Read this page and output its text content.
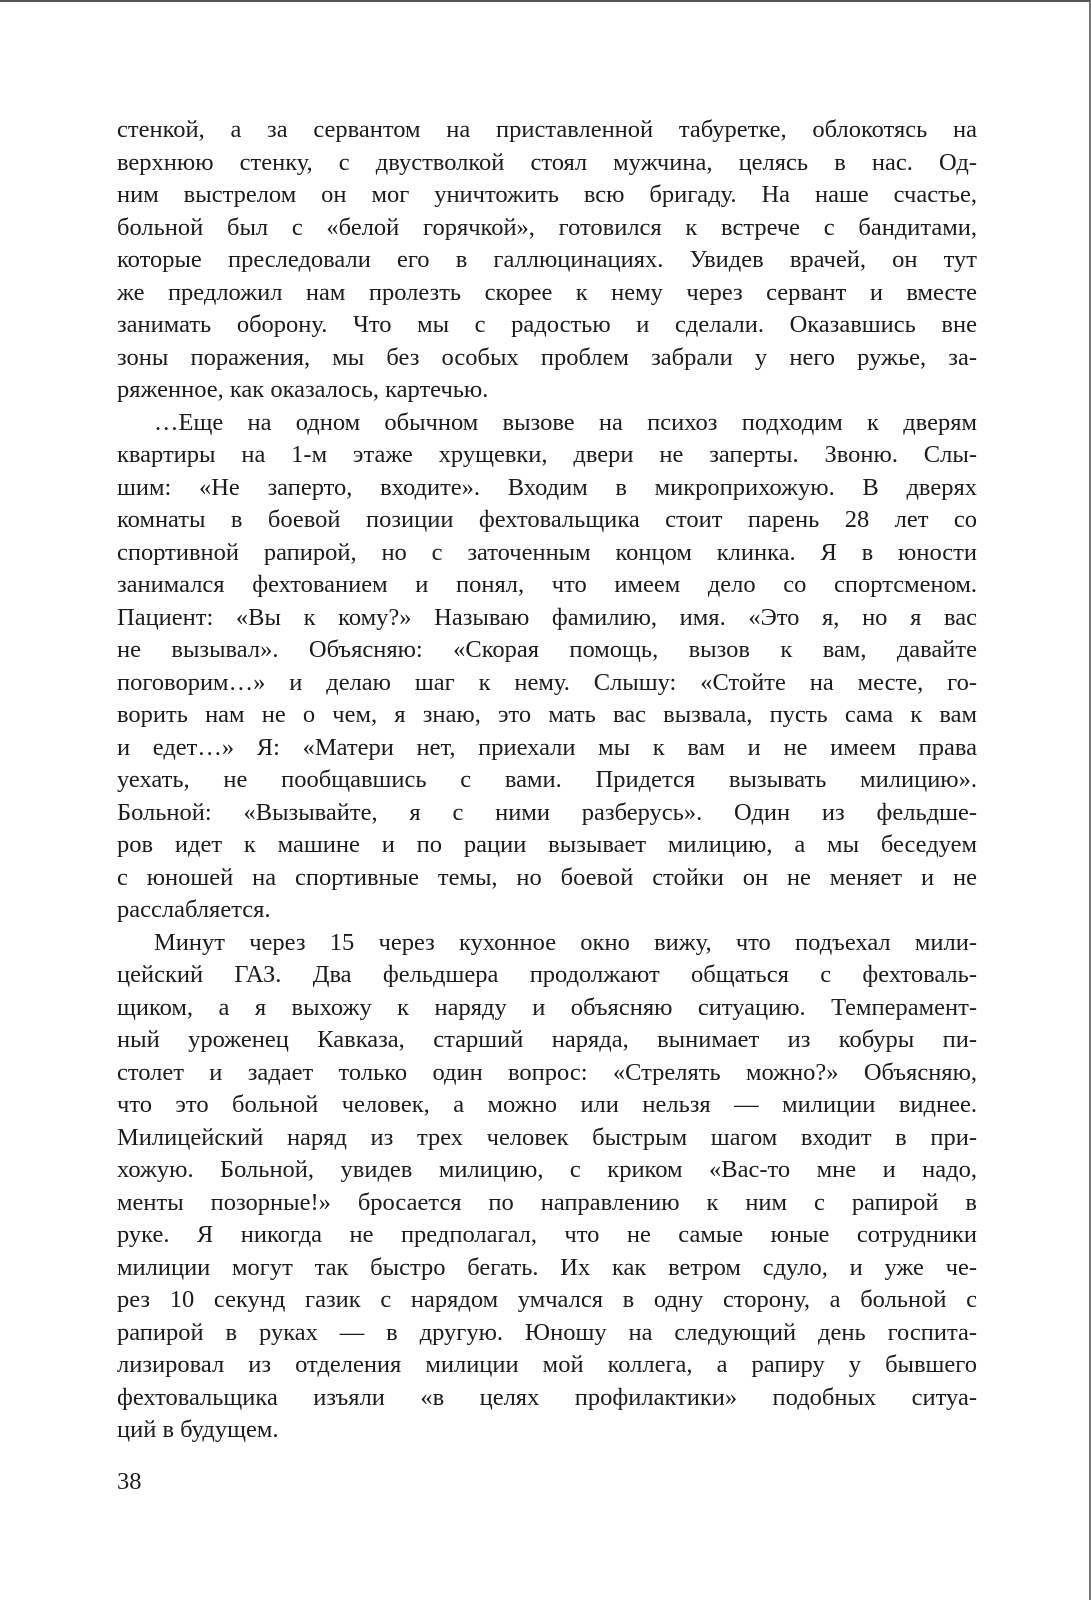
стенкой, а за сервантом на приставленной табуретке, облокотясь на
верхнюю стенку, с двустволкой стоял мужчина, целясь в нас. Од-
ним выстрелом он мог уничтожить всю бригаду. На наше счастье,
больной был с «белой горячкой», готовился к встрече с бандитами,
которые преследовали его в галлюцинациях. Увидев врачей, он тут
же предложил нам пролезть скорее к нему через сервант и вместе
занимать оборону. Что мы с радостью и сделали. Оказавшись вне
зоны поражения, мы без особых проблем забрали у него ружье, за-
ряженное, как оказалось, картечью.
…Еще на одном обычном вызове на психоз подходим к дверям
квартиры на 1-м этаже хрущевки, двери не заперты. Звоню. Слы-
шим: «Не заперто, входите». Входим в микроприхожую. В дверях
комнаты в боевой позиции фехтовальщика стоит парень 28 лет со
спортивной рапирой, но с заточенным концом клинка. Я в юности
занимался фехтованием и понял, что имеем дело со спортсменом.
Пациент: «Вы к кому?» Называю фамилию, имя. «Это я, но я вас
не вызывал». Объясняю: «Скорая помощь, вызов к вам, давайте
поговорим…» и делаю шаг к нему. Слышу: «Стойте на месте, го-
ворить нам не о чем, я знаю, это мать вас вызвала, пусть сама к вам
и едет…» Я: «Матери нет, приехали мы к вам и не имеем права
уехать, не пообщавшись с вами. Придется вызывать милицию».
Больной: «Вызывайте, я с ними разберусь». Один из фельдше-
ров идет к машине и по рации вызывает милицию, а мы беседуем
с юношей на спортивные темы, но боевой стойки он не меняет и не
расслабляется.
Минут через 15 через кухонное окно вижу, что подъехал мили-
цейский ГАЗ. Два фельдшера продолжают общаться с фехтоваль-
щиком, а я выхожу к наряду и объясняю ситуацию. Темперамент-
ный уроженец Кавказа, старший наряда, вынимает из кобуры пи-
столет и задает только один вопрос: «Стрелять можно?» Объясняю,
что это больной человек, а можно или нельзя — милиции виднее.
Милицейский наряд из трех человек быстрым шагом входит в при-
хожую. Больной, увидев милицию, с криком «Вас-то мне и надо,
менты позорные!» бросается по направлению к ним с рапирой в
руке. Я никогда не предполагал, что не самые юные сотрудники
милиции могут так быстро бегать. Их как ветром сдуло, и уже че-
рез 10 секунд газик с нарядом умчался в одну сторону, а больной с
рапирой в руках — в другую. Юношу на следующий день госпита-
лизировал из отделения милиции мой коллега, а рапиру у бывшего
фехтовальщика изъяли «в целях профилактики» подобных ситуа-
ций в будущем.
38
